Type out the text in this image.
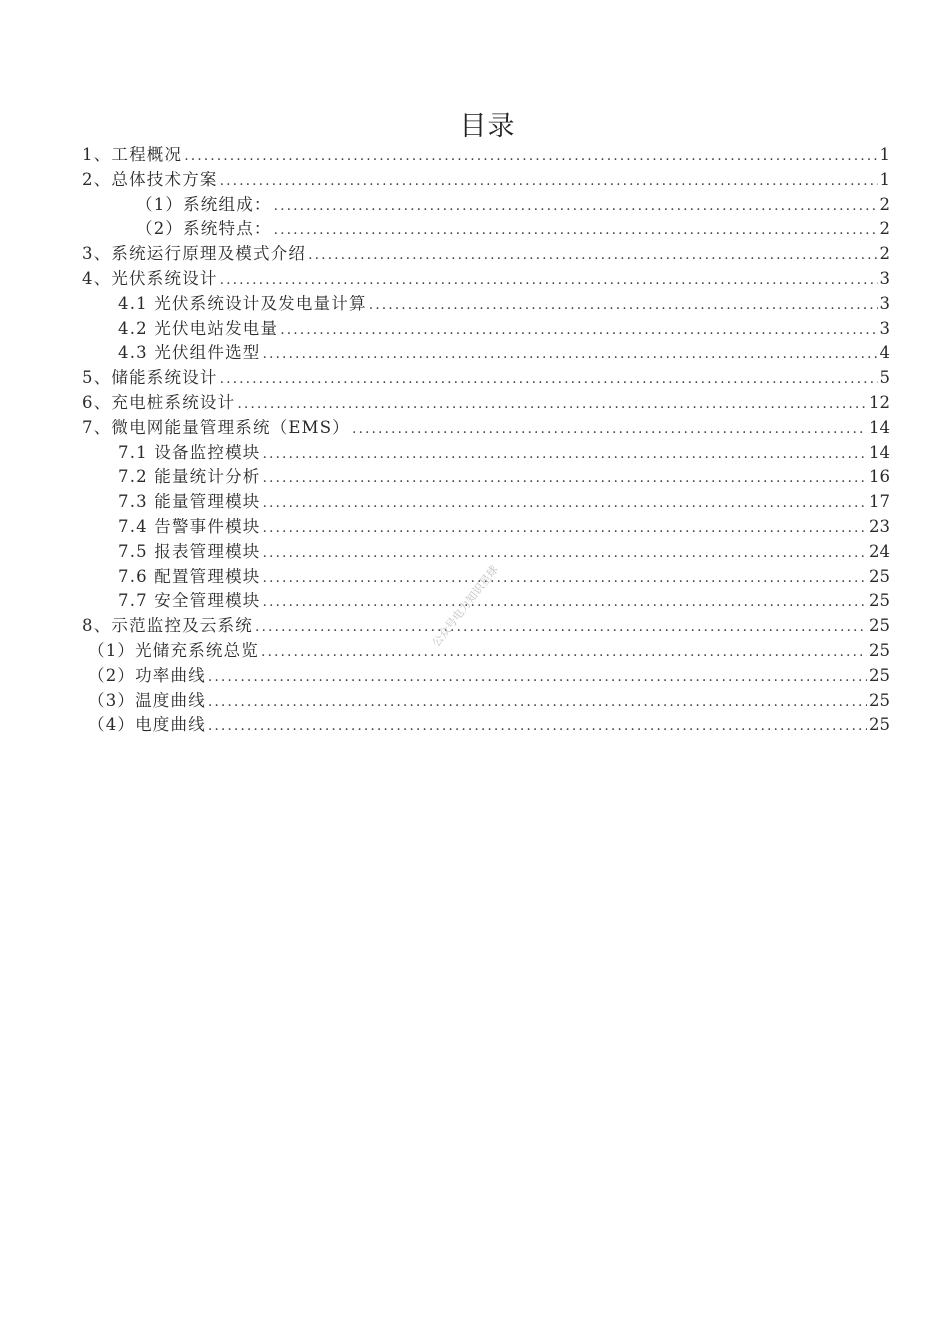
目录
1、工程概况 . . .	1
2、总体技术方案 . . .	1
（1）系统组成： . . .	2
（2）系统特点： . . .	2
3、系统运行原理及模式介绍 . . .	2
4、光伏系统设计 . . .	3
4.1 光伏系统设计及发电量计算 . . .	3
4.2 光伏电站发电量 . . .	3
4.3 光伏组件选型 . . .	4
5、储能系统设计 . . .	5
6、充电桩系统设计 . . .	12
7、微电网能量管理系统（EMS） . . .	14
7.1 设备监控模块 . . .	14
7.2 能量统计分析 . . .	16
7.3 能量管理模块 . . .	17
7.4 告警事件模块 . . .	23
7.5 报表管理模块 . . .	24
7.6 配置管理模块 . . .	25
7.7 安全管理模块 . . .	25
8、示范监控及云系统 . . .	25
（1）光储充系统总览 . . .	25
（2）功率曲线 . . .	25
（3）温度曲线 . . .	25
（4）电度曲线 . . .	25
公众号电力知识星球
